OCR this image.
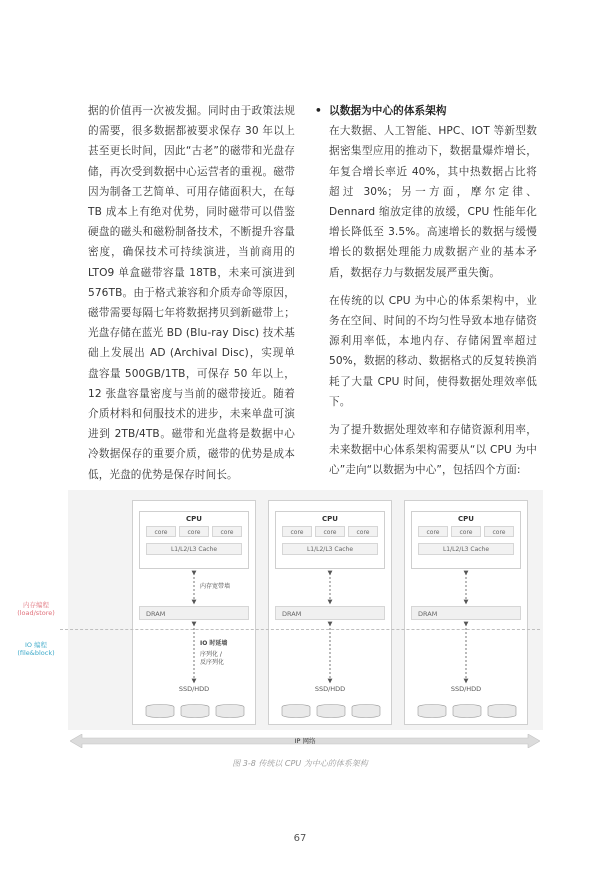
据的价值再一次被发掘。同时由于政策法规的需要，很多数据都被要求保存 30 年以上甚至更长时间，因此“古老”的磁带和光盘存储，再次受到数据中心运营者的重视。磁带因为制备工艺简单、可用存储面积大，在每 TB 成本上有绝对优势，同时磁带可以借鉴硬盘的磁头和磁粉制备技术，不断提升容量密度，确保技术可持续演进，当前商用的 LTO9 单盒磁带容量 18TB，未来可演进到 576TB。由于格式兼容和介质寿命等原因，磁带需要每隔七年将数据拷贝到新磁带上；光盘存储在蓝光 BD (Blu-ray Disc) 技术基础上发展出 AD (Archival Disc)，实现单盘容量 500GB/1TB，可保存 50 年以上，12 张盘容量密度与当前的磁带接近。随着介质材料和伺服技术的进步，未来单盘可演进到 2TB/4TB。磁带和光盘将是数据中心冷数据保存的重要介质，磁带的优势是成本低，光盘的优势是保存时间长。

• 以数据为中心的体系架构

在大数据、人工智能、HPC、IOT 等新型数据密集型应用的推动下，数据量爆炸增长，年复合增长率近 40%，其中热数据占比将超过 30%；另一方面，摩尔定律、Dennard 缩放定律的放缓，CPU 性能年化增长降低至 3.5%。高速增长的数据与缓慢增长的数据处理能力成数据产业的基本矛盾，数据存力与数据发展严重失衡。

在传统的以 CPU 为中心的体系架构中，业务在空间、时间的不均匀性导致本地存储资源利用率低，本地内存、存储闲置率超过 50%，数据的移动、数据格式的反复转换消耗了大量 CPU 时间，使得数据处理效率低下。

为了提升数据处理效率和存储资源利用率，未来数据中心体系架构需要从“以 CPU 为中心”走向“以数据为中心”，包括四个方面:

CPU
core	core	core
L1/L2/L3 Cache
内存宽带墙
DRAM
IO 时延墙
序列化 /
反序列化
SSD/HDD
CPU
core	core	core
L1/L2/L3 Cache
DRAM
SSD/HDD
CPU
core	core	core
L1/L2/L3 Cache
DRAM
SSD/HDD
内存编程
(load/store)
IO 编程
(file&block)
IP 网络
图 3-8 传统以 CPU 为中心的体系架构
67
